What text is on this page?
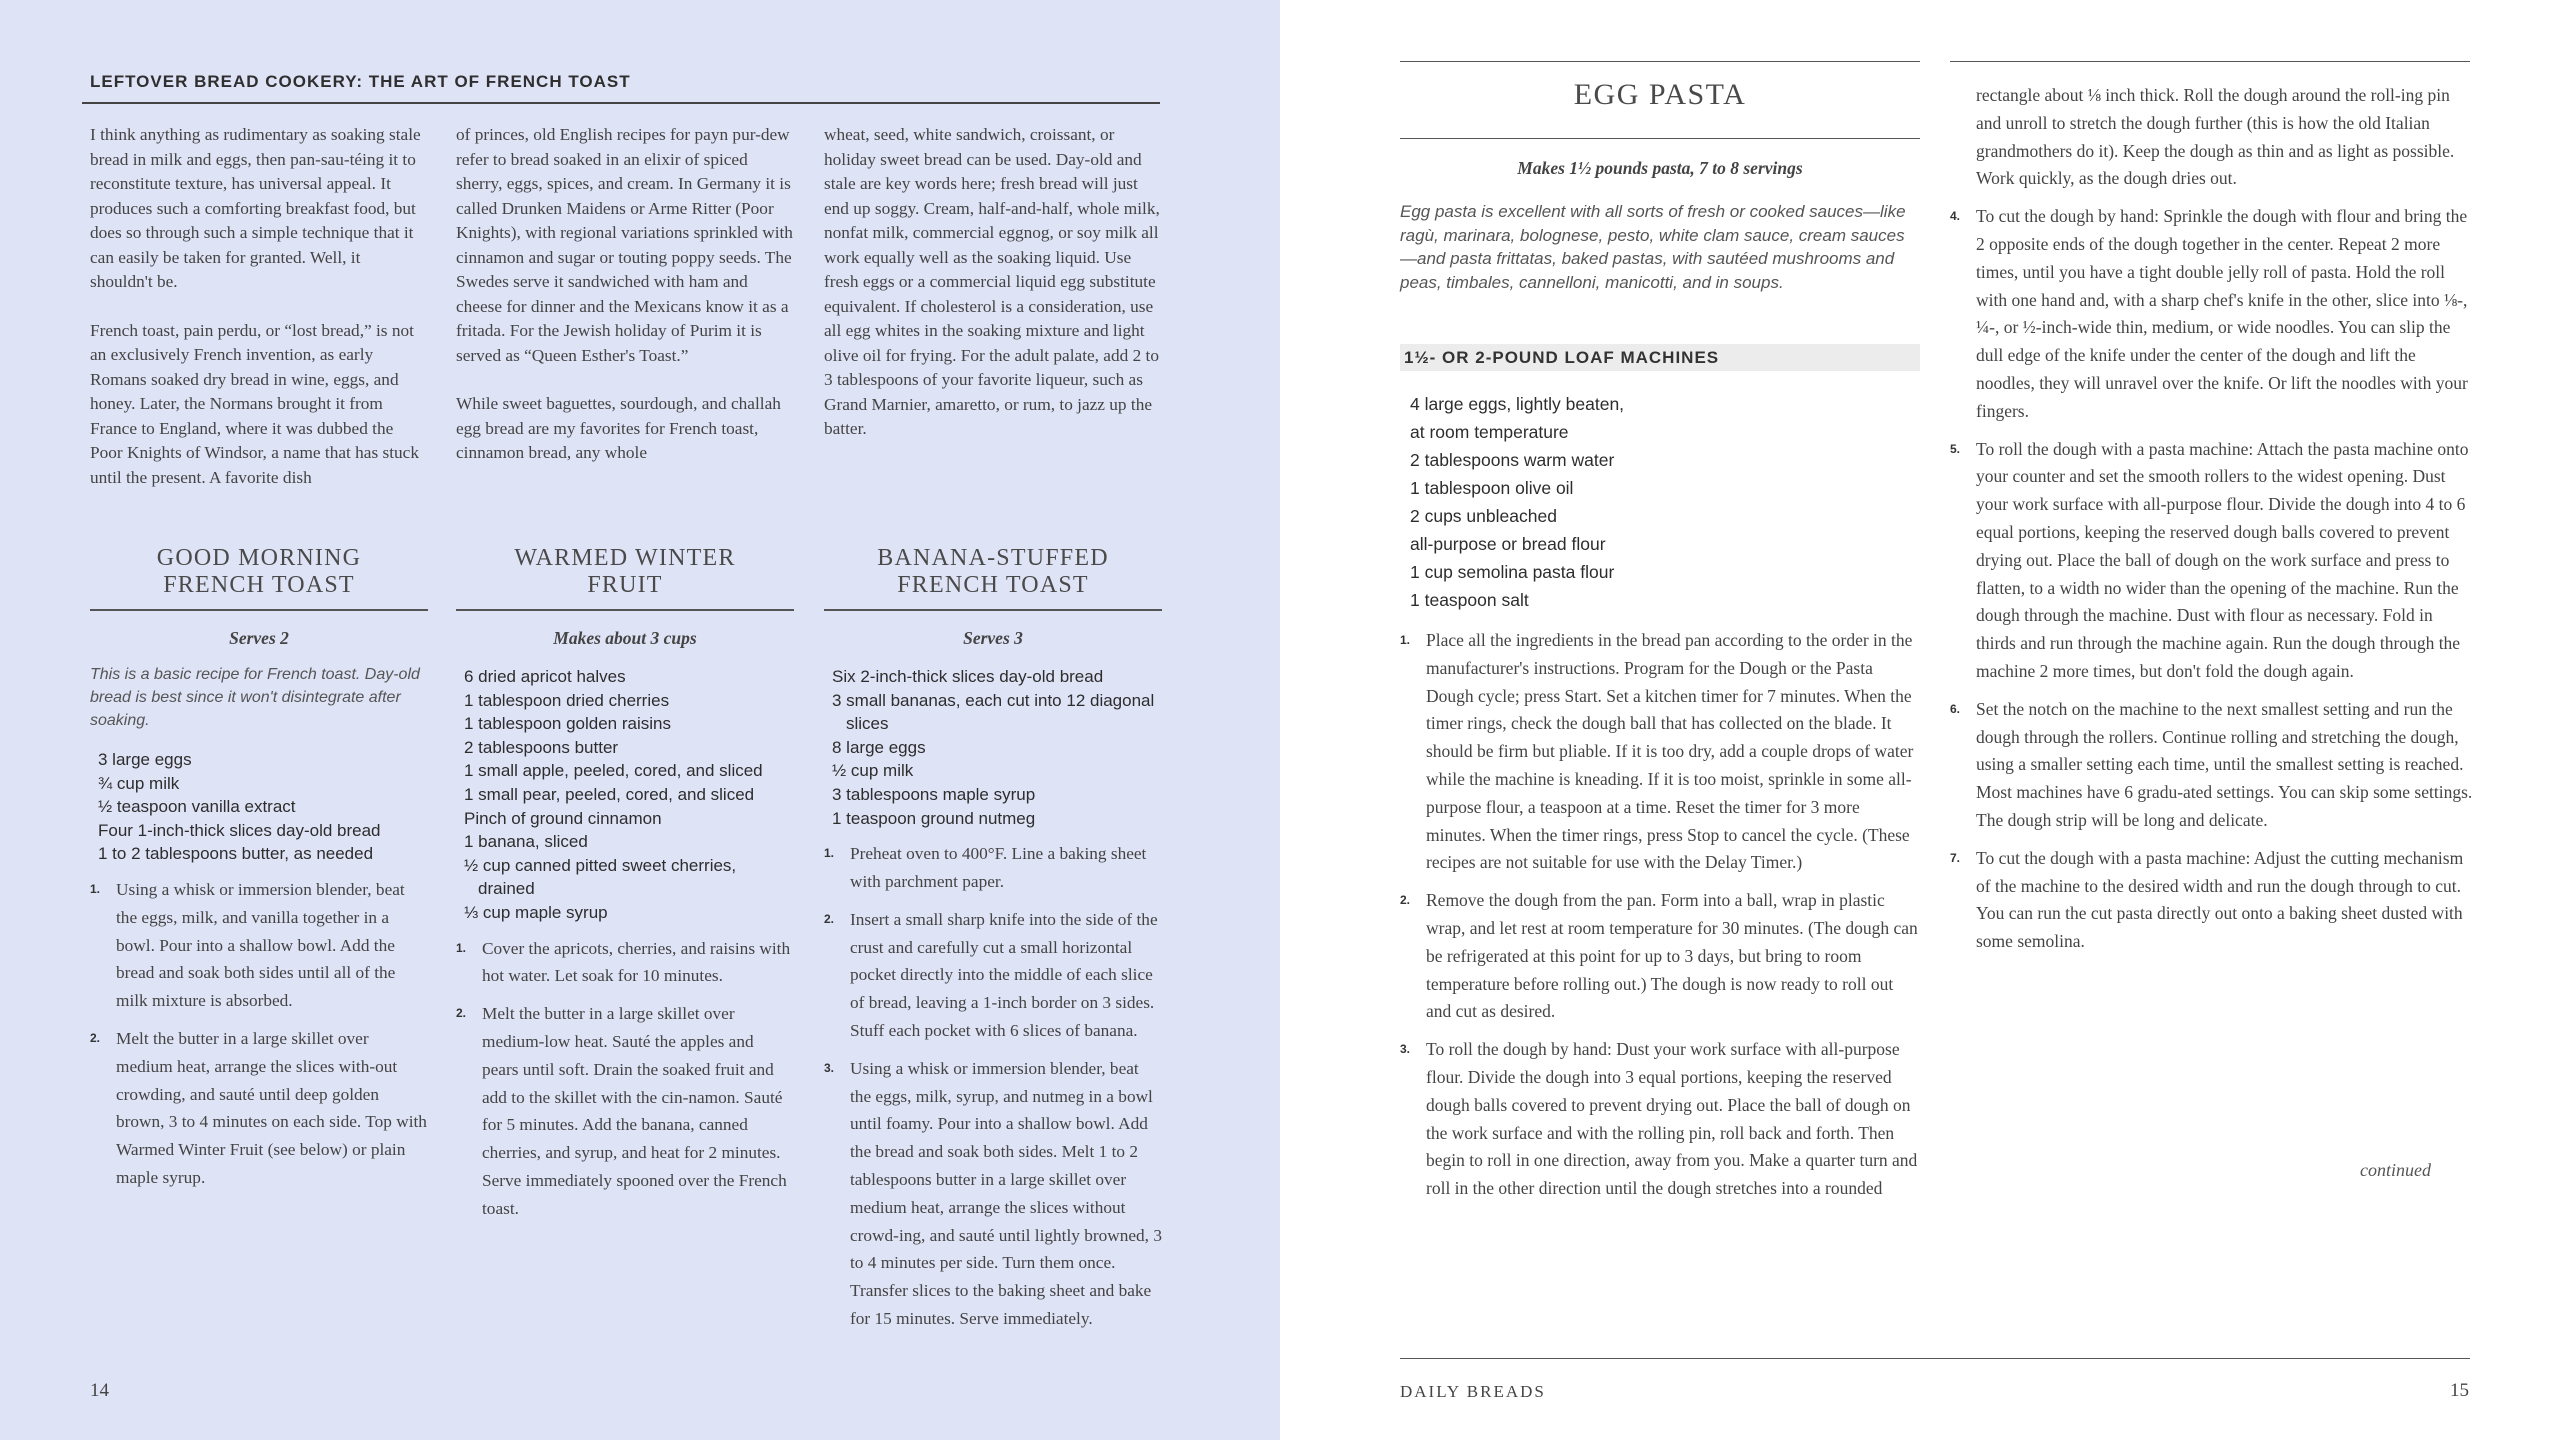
LEFTOVER BREAD COOKERY: THE ART OF FRENCH TOAST

I think anything as rudimentary as soaking stale bread in milk and eggs, then pan-sau-téing it to reconstitute texture, has universal appeal. It produces such a comforting breakfast food, but does so through such a simple technique that it can easily be taken for granted. Well, it shouldn't be.

French toast, pain perdu, or “lost bread,” is not an exclusively French invention, as early Romans soaked dry bread in wine, eggs, and honey. Later, the Normans brought it from France to England, where it was dubbed the Poor Knights of Windsor, a name that has stuck until the present. A favorite dish

of princes, old English recipes for payn pur-dew refer to bread soaked in an elixir of spiced sherry, eggs, spices, and cream. In Germany it is called Drunken Maidens or Arme Ritter (Poor Knights), with regional variations sprinkled with cinnamon and sugar or touting poppy seeds. The Swedes serve it sandwiched with ham and cheese for dinner and the Mexicans know it as a fritada. For the Jewish holiday of Purim it is served as “Queen Esther's Toast.”

While sweet baguettes, sourdough, and challah egg bread are my favorites for French toast, cinnamon bread, any whole

wheat, seed, white sandwich, croissant, or holiday sweet bread can be used. Day-old and stale are key words here; fresh bread will just end up soggy. Cream, half-and-half, whole milk, nonfat milk, commercial eggnog, or soy milk all work equally well as the soaking liquid. Use fresh eggs or a commercial liquid egg substitute equivalent. If cholesterol is a consideration, use all egg whites in the soaking mixture and light olive oil for frying. For the adult palate, add 2 to 3 tablespoons of your favorite liqueur, such as Grand Marnier, amaretto, or rum, to jazz up the batter.

GOOD MORNING
FRENCH TOAST
Serves 2
This is a basic recipe for French toast. Day-old bread is best since it won't disintegrate after soaking.
3 large eggs
¾ cup milk
½ teaspoon vanilla extract
Four 1-inch-thick slices day-old bread
1 to 2 tablespoons butter, as needed
1. Using a whisk or immersion blender, beat the eggs, milk, and vanilla together in a bowl. Pour into a shallow bowl. Add the bread and soak both sides until all of the milk mixture is absorbed.
2. Melt the butter in a large skillet over medium heat, arrange the slices with-out crowding, and sauté until deep golden brown, 3 to 4 minutes on each side. Top with Warmed Winter Fruit (see below) or plain maple syrup.
WARMED WINTER
FRUIT
Makes about 3 cups
6 dried apricot halves
1 tablespoon dried cherries
1 tablespoon golden raisins
2 tablespoons butter
1 small apple, peeled, cored, and sliced
1 small pear, peeled, cored, and sliced
Pinch of ground cinnamon
1 banana, sliced
½ cup canned pitted sweet cherries, drained
⅓ cup maple syrup
1. Cover the apricots, cherries, and raisins with hot water. Let soak for 10 minutes.
2. Melt the butter in a large skillet over medium-low heat. Sauté the apples and pears until soft. Drain the soaked fruit and add to the skillet with the cin-namon. Sauté for 5 minutes. Add the banana, canned cherries, and syrup, and heat for 2 minutes. Serve immediately spooned over the French toast.
BANANA-STUFFED
FRENCH TOAST
Serves 3
Six 2-inch-thick slices day-old bread
3 small bananas, each cut into 12 diagonal slices
8 large eggs
½ cup milk
3 tablespoons maple syrup
1 teaspoon ground nutmeg
1. Preheat oven to 400°F. Line a baking sheet with parchment paper.
2. Insert a small sharp knife into the side of the crust and carefully cut a small horizontal pocket directly into the middle of each slice of bread, leaving a 1-inch border on 3 sides. Stuff each pocket with 6 slices of banana.
3. Using a whisk or immersion blender, beat the eggs, milk, syrup, and nutmeg in a bowl until foamy. Pour into a shallow bowl. Add the bread and soak both sides. Melt 1 to 2 tablespoons butter in a large skillet over medium heat, arrange the slices without crowd-ing, and sauté until lightly browned, 3 to 4 minutes per side. Turn them once. Transfer slices to the baking sheet and bake for 15 minutes. Serve immediately.
14
EGG PASTA
Makes 1½ pounds pasta, 7 to 8 servings
Egg pasta is excellent with all sorts of fresh or cooked sauces—like ragù, marinara, bolognese, pesto, white clam sauce, cream sauces—and pasta frittatas, baked pastas, with sautéed mushrooms and peas, timbales, cannelloni, manicotti, and in soups.
1½- OR 2-POUND LOAF MACHINES
4 large eggs, lightly beaten,
at room temperature
2 tablespoons warm water
1 tablespoon olive oil
2 cups unbleached
all-purpose or bread flour
1 cup semolina pasta flour
1 teaspoon salt
1. Place all the ingredients in the bread pan according to the order in the manufacturer's instructions. Program for the Dough or the Pasta Dough cycle; press Start. Set a kitchen timer for 7 minutes. When the timer rings, check the dough ball that has collected on the blade. It should be firm but pliable. If it is too dry, add a couple drops of water while the machine is kneading. If it is too moist, sprinkle in some all-purpose flour, a teaspoon at a time. Reset the timer for 3 more minutes. When the timer rings, press Stop to cancel the cycle. (These recipes are not suitable for use with the Delay Timer.)
2. Remove the dough from the pan. Form into a ball, wrap in plastic wrap, and let rest at room temperature for 30 minutes. (The dough can be refrigerated at this point for up to 3 days, but bring to room temperature before rolling out.) The dough is now ready to roll out and cut as desired.
3. To roll the dough by hand: Dust your work surface with all-purpose flour. Divide the dough into 3 equal portions, keeping the reserved dough balls covered to prevent drying out. Place the ball of dough on the work surface and with the rolling pin, roll back and forth. Then begin to roll in one direction, away from you. Make a quarter turn and roll in the other direction until the dough stretches into a rounded
rectangle about ⅛ inch thick. Roll the dough around the roll-ing pin and unroll to stretch the dough further (this is how the old Italian grandmothers do it). Keep the dough as thin and as light as possible. Work quickly, as the dough dries out.
4. To cut the dough by hand: Sprinkle the dough with flour and bring the 2 opposite ends of the dough together in the center. Repeat 2 more times, until you have a tight double jelly roll of pasta. Hold the roll with one hand and, with a sharp chef's knife in the other, slice into ⅛-, ¼-, or ½-inch-wide thin, medium, or wide noodles. You can slip the dull edge of the knife under the center of the dough and lift the noodles, they will unravel over the knife. Or lift the noodles with your fingers.
5. To roll the dough with a pasta machine: Attach the pasta machine onto your counter and set the smooth rollers to the widest opening. Dust your work surface with all-purpose flour. Divide the dough into 4 to 6 equal portions, keeping the reserved dough balls covered to prevent drying out. Place the ball of dough on the work surface and press to flatten, to a width no wider than the opening of the machine. Run the dough through the machine. Dust with flour as necessary. Fold in thirds and run through the machine again. Run the dough through the machine 2 more times, but don't fold the dough again.
6. Set the notch on the machine to the next smallest setting and run the dough through the rollers. Continue rolling and stretching the dough, using a smaller setting each time, until the smallest setting is reached. Most machines have 6 gradu-ated settings. You can skip some settings. The dough strip will be long and delicate.
7. To cut the dough with a pasta machine: Adjust the cutting mechanism of the machine to the desired width and run the dough through to cut. You can run the cut pasta directly out onto a baking sheet dusted with some semolina.
continued
DAILY BREADS	15
